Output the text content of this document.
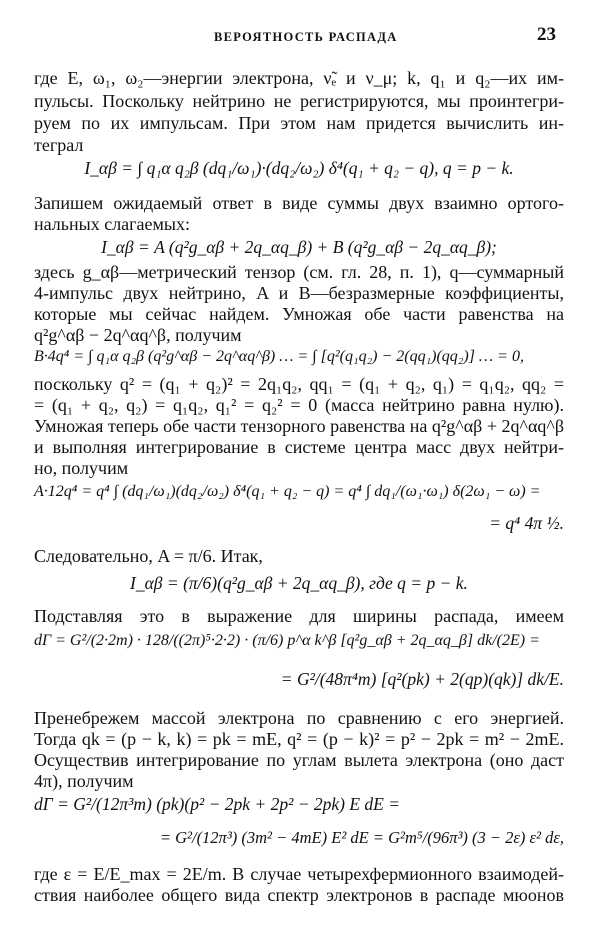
ВЕРОЯТНОСТЬ РАСПАДА	23
где E, ω₁, ω₂—энергии электрона, ν̃ₑ и ν_μ; k, q₁ и q₂—их им-
пульсы. Поскольку нейтрино не регистрируются, мы проинтегри-
руем по их импульсам. При этом нам придется вычислить ин-
теграл
I_αβ = ∫ q₁α q₂β (dq₁/ω₁)·(dq₂/ω₂) δ⁴(q₁ + q₂ − q), q = p − k.
Запишем ожидаемый ответ в виде суммы двух взаимно ортого-
нальных слагаемых:
I_αβ = A (q²g_αβ + 2q_αq_β) + B (q²g_αβ − 2q_αq_β);
здесь g_αβ—метрический тензор (см. гл. 28, п. 1), q—суммарный
4-импульс двух нейтрино, A и B—безразмерные коэффициенты,
которые мы сейчас найдем. Умножая обе части равенства на
q²g^αβ − 2q^αq^β, получим
B·4q⁴ = ∫ q₁α q₂β (q²g^αβ − 2q^αq^β) … = ∫ [q²(q₁q₂) − 2(qq₁)(qq₂)] … = 0,
поскольку q² = (q₁ + q₂)² = 2q₁q₂, qq₁ = (q₁ + q₂, q₁) = q₁q₂, qq₂ =
= (q₁ + q₂, q₂) = q₁q₂, q₁² = q₂² = 0 (масса нейтрино равна нулю).
Умножая теперь обе части тензорного равенства на q²g^αβ + 2q^αq^β
и выполняя интегрирование в системе центра масс двух нейтри-
но, получим
A·12q⁴ = q⁴ ∫ (dq₁/ω₁)(dq₂/ω₂) δ⁴(q₁ + q₂ − q) = q⁴ ∫ dq₁/(ω₁·ω₁) δ(2ω₁ − ω) =
= q⁴ 4π ½.
Следовательно, A = π/6. Итак,
I_αβ = (π/6)(q²g_αβ + 2q_αq_β), где q = p − k.
Подставляя это в выражение для ширины распада, имеем
dΓ = G²/(2·2m) · 128/((2π)⁵·2·2) · (π/6) p^α k^β [q²g_αβ + 2q_αq_β] dk/(2E) =
= G²/(48π⁴m) [q²(pk) + 2(qp)(qk)] dk/E.
Пренебрежем массой электрона по сравнению с его энергией.
Тогда qk = (p − k, k) = pk = mE, q² = (p − k)² = p² − 2pk = m² − 2mE.
Осуществив интегрирование по углам вылета электрона (оно даст
4π), получим
dΓ = G²/(12π³m) (pk)(p² − 2pk + 2p² − 2pk) E dE =
= G²/(12π³) (3m² − 4mE) E² dE = G²m⁵/(96π³) (3 − 2ε) ε² dε,
где ε = E/E_max = 2E/m. В случае четырехфермионного взаимодей-
ствия наиболее общего вида спектр электронов в распаде мюонов
